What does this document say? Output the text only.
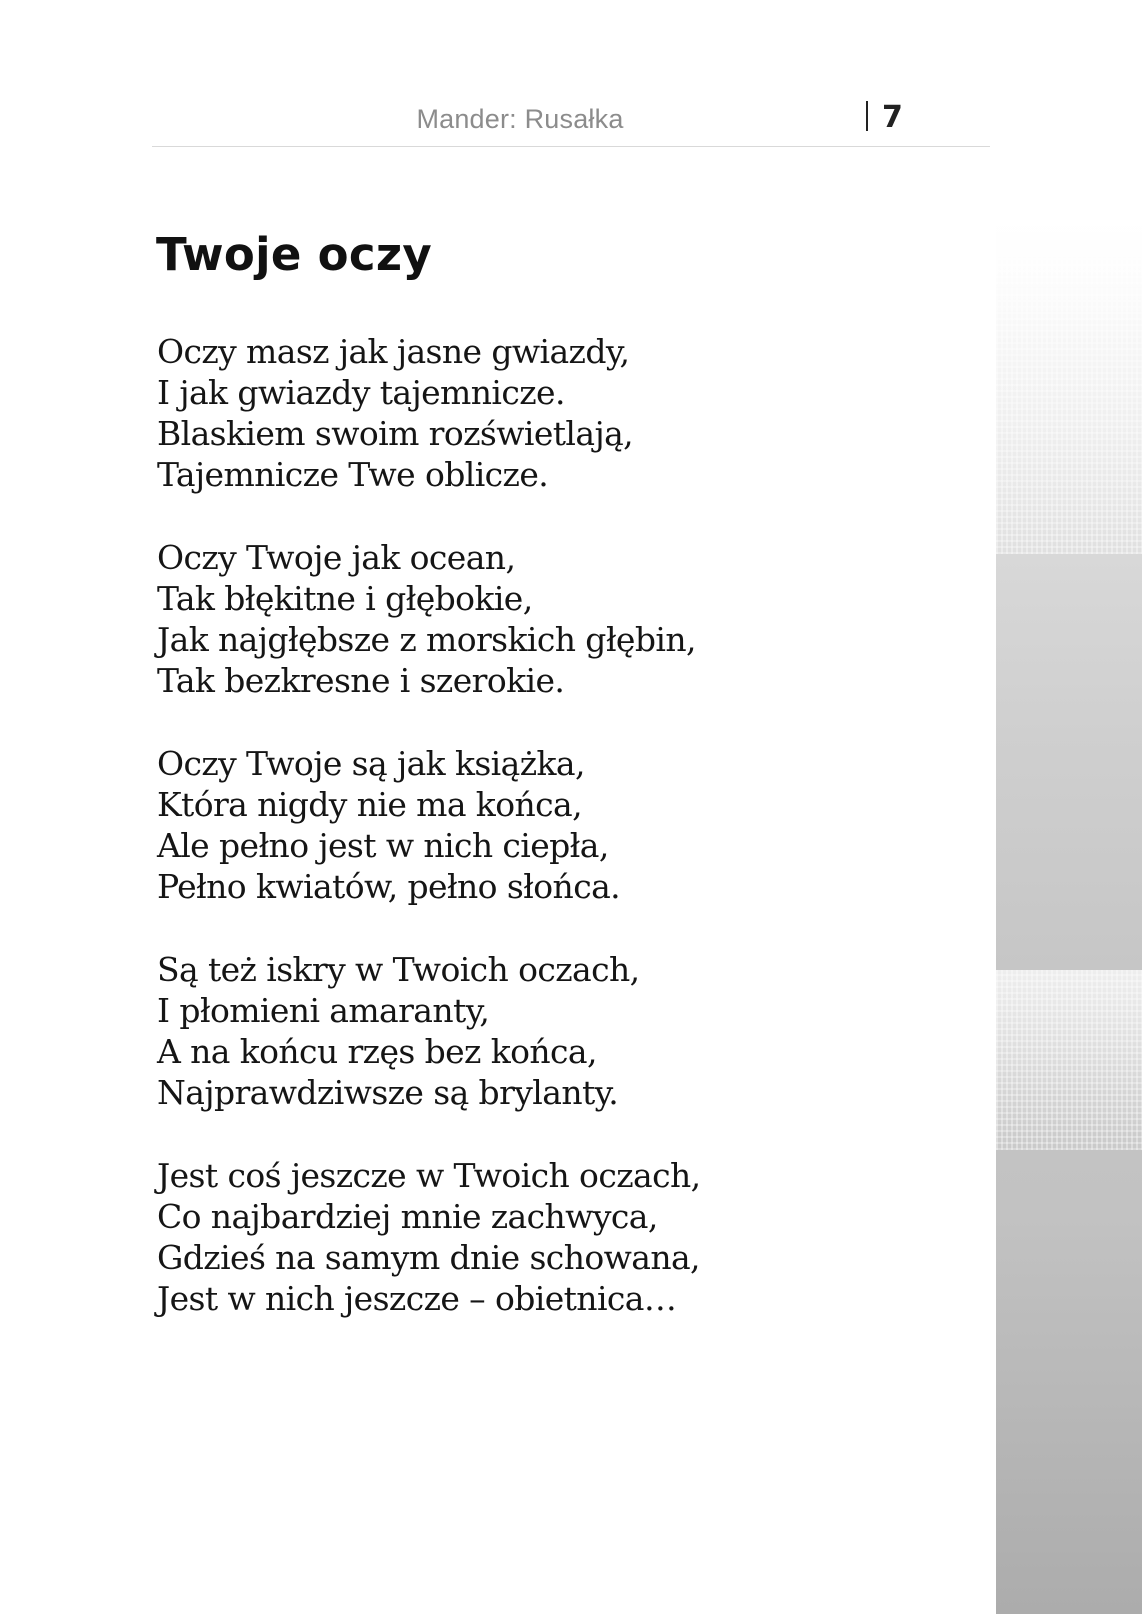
Mander: Rusałka	7
Twoje oczy
Oczy masz jak jasne gwiazdy,
I jak gwiazdy tajemnicze.
Blaskiem swoim rozświetlają,
Tajemnicze Twe oblicze.
Oczy Twoje jak ocean,
Tak błękitne i głębokie,
Jak najgłębsze z morskich głębin,
Tak bezkresne i szerokie.
Oczy Twoje są jak książka,
Która nigdy nie ma końca,
Ale pełno jest w nich ciepła,
Pełno kwiatów, pełno słońca.
Są też iskry w Twoich oczach,
I płomieni amaranty,
A na końcu rzęs bez końca,
Najprawdziwsze są brylanty.
Jest coś jeszcze w Twoich oczach,
Co najbardziej mnie zachwyca,
Gdzieś na samym dnie schowana,
Jest w nich jeszcze – obietnica…
